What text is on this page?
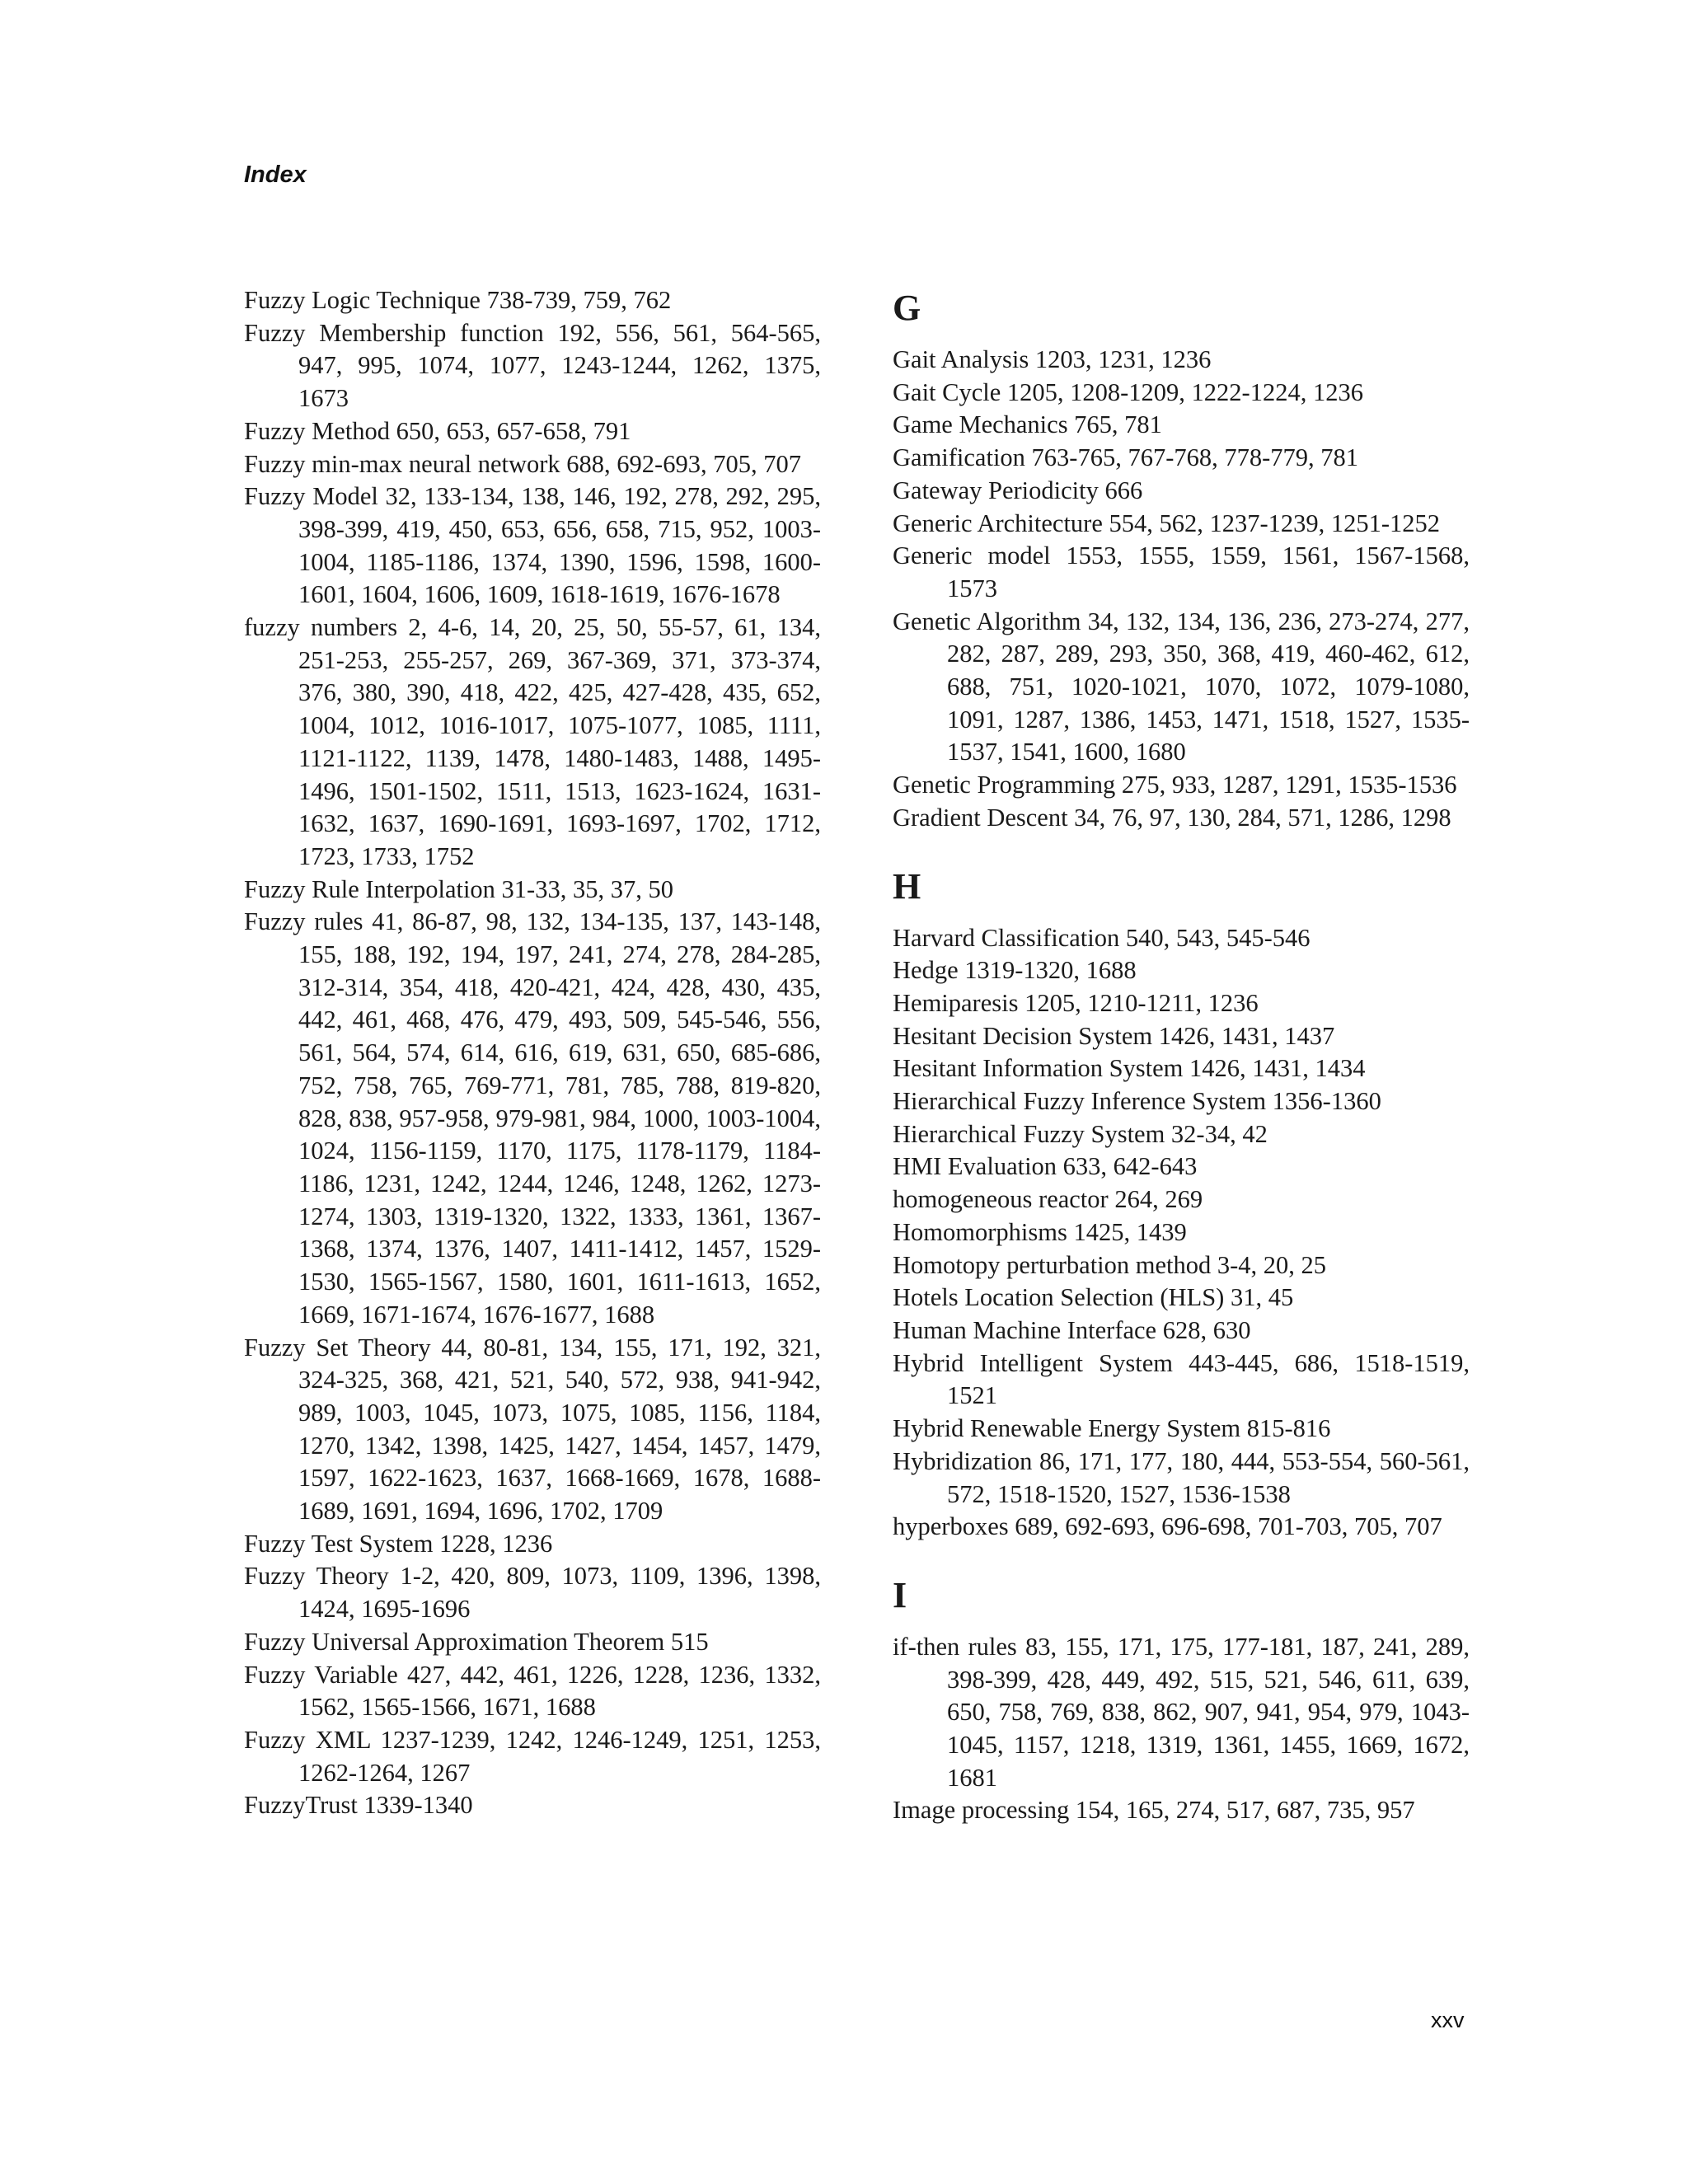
Index

Fuzzy Logic Technique 738-739, 759, 762

Fuzzy Membership function 192, 556, 561, 564-565, 947, 995, 1074, 1077, 1243-1244, 1262, 1375, 1673

Fuzzy Method 650, 653, 657-658, 791

Fuzzy min-max neural network 688, 692-693, 705, 707

Fuzzy Model 32, 133-134, 138, 146, 192, 278, 292, 295, 398-399, 419, 450, 653, 656, 658, 715, 952, 1003-1004, 1185-1186, 1374, 1390, 1596, 1598, 1600-1601, 1604, 1606, 1609, 1618-1619, 1676-1678

fuzzy numbers 2, 4-6, 14, 20, 25, 50, 55-57, 61, 134, 251-253, 255-257, 269, 367-369, 371, 373-374, 376, 380, 390, 418, 422, 425, 427-428, 435, 652, 1004, 1012, 1016-1017, 1075-1077, 1085, 1111, 1121-1122, 1139, 1478, 1480-1483, 1488, 1495-1496, 1501-1502, 1511, 1513, 1623-1624, 1631-1632, 1637, 1690-1691, 1693-1697, 1702, 1712, 1723, 1733, 1752

Fuzzy Rule Interpolation 31-33, 35, 37, 50

Fuzzy rules 41, 86-87, 98, 132, 134-135, 137, 143-148, 155, 188, 192, 194, 197, 241, 274, 278, 284-285, 312-314, 354, 418, 420-421, 424, 428, 430, 435, 442, 461, 468, 476, 479, 493, 509, 545-546, 556, 561, 564, 574, 614, 616, 619, 631, 650, 685-686, 752, 758, 765, 769-771, 781, 785, 788, 819-820, 828, 838, 957-958, 979-981, 984, 1000, 1003-1004, 1024, 1156-1159, 1170, 1175, 1178-1179, 1184-1186, 1231, 1242, 1244, 1246, 1248, 1262, 1273-1274, 1303, 1319-1320, 1322, 1333, 1361, 1367-1368, 1374, 1376, 1407, 1411-1412, 1457, 1529-1530, 1565-1567, 1580, 1601, 1611-1613, 1652, 1669, 1671-1674, 1676-1677, 1688

Fuzzy Set Theory 44, 80-81, 134, 155, 171, 192, 321, 324-325, 368, 421, 521, 540, 572, 938, 941-942, 989, 1003, 1045, 1073, 1075, 1085, 1156, 1184, 1270, 1342, 1398, 1425, 1427, 1454, 1457, 1479, 1597, 1622-1623, 1637, 1668-1669, 1678, 1688-1689, 1691, 1694, 1696, 1702, 1709

Fuzzy Test System 1228, 1236

Fuzzy Theory 1-2, 420, 809, 1073, 1109, 1396, 1398, 1424, 1695-1696

Fuzzy Universal Approximation Theorem 515

Fuzzy Variable 427, 442, 461, 1226, 1228, 1236, 1332, 1562, 1565-1566, 1671, 1688

Fuzzy XML 1237-1239, 1242, 1246-1249, 1251, 1253, 1262-1264, 1267

FuzzyTrust 1339-1340

G

Gait Analysis 1203, 1231, 1236

Gait Cycle 1205, 1208-1209, 1222-1224, 1236

Game Mechanics 765, 781

Gamification 763-765, 767-768, 778-779, 781

Gateway Periodicity 666

Generic Architecture 554, 562, 1237-1239, 1251-1252

Generic model 1553, 1555, 1559, 1561, 1567-1568, 1573

Genetic Algorithm 34, 132, 134, 136, 236, 273-274, 277, 282, 287, 289, 293, 350, 368, 419, 460-462, 612, 688, 751, 1020-1021, 1070, 1072, 1079-1080, 1091, 1287, 1386, 1453, 1471, 1518, 1527, 1535-1537, 1541, 1600, 1680

Genetic Programming 275, 933, 1287, 1291, 1535-1536

Gradient Descent 34, 76, 97, 130, 284, 571, 1286, 1298

H

Harvard Classification 540, 543, 545-546

Hedge 1319-1320, 1688

Hemiparesis 1205, 1210-1211, 1236

Hesitant Decision System 1426, 1431, 1437

Hesitant Information System 1426, 1431, 1434

Hierarchical Fuzzy Inference System 1356-1360

Hierarchical Fuzzy System 32-34, 42

HMI Evaluation 633, 642-643

homogeneous reactor 264, 269

Homomorphisms 1425, 1439

Homotopy perturbation method 3-4, 20, 25

Hotels Location Selection (HLS) 31, 45

Human Machine Interface 628, 630

Hybrid Intelligent System 443-445, 686, 1518-1519, 1521

Hybrid Renewable Energy System 815-816

Hybridization 86, 171, 177, 180, 444, 553-554, 560-561, 572, 1518-1520, 1527, 1536-1538

hyperboxes 689, 692-693, 696-698, 701-703, 705, 707

I

if-then rules 83, 155, 171, 175, 177-181, 187, 241, 289, 398-399, 428, 449, 492, 515, 521, 546, 611, 639, 650, 758, 769, 838, 862, 907, 941, 954, 979, 1043-1045, 1157, 1218, 1319, 1361, 1455, 1669, 1672, 1681

Image processing 154, 165, 274, 517, 687, 735, 957

xxv
